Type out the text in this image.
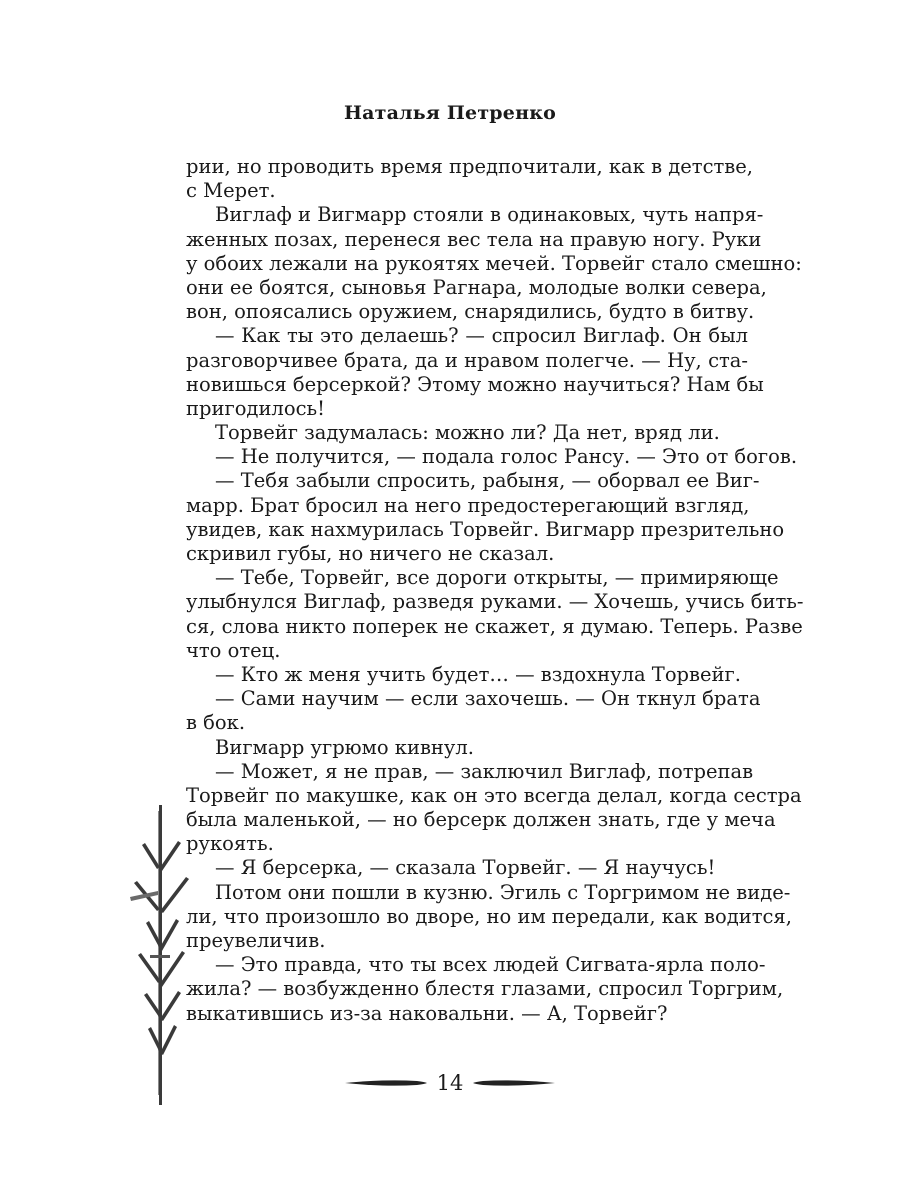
Наталья Петренко
рии, но проводить время предпочитали, как в детстве,
с Мерет.
Виглаф и Вигмарр стояли в одинаковых, чуть напря-
женных позах, перенеся вес тела на правую ногу. Руки
у обоих лежали на рукоятях мечей. Торвейг стало смешно:
они ее боятся, сыновья Рагнара, молодые волки севера,
вон, опоясались оружием, снарядились, будто в битву.
— Как ты это делаешь? — спросил Виглаф. Он был
разговорчивее брата, да и нравом полегче. — Ну, ста-
новишься берсеркой? Этому можно научиться? Нам бы
пригодилось!
Торвейг задумалась: можно ли? Да нет, вряд ли.
— Не получится, — подала голос Рансу. — Это от богов.
— Тебя забыли спросить, рабыня, — оборвал ее Виг-
марр. Брат бросил на него предостерегающий взгляд,
увидев, как нахмурилась Торвейг. Вигмарр презрительно
скривил губы, но ничего не сказал.
— Тебе, Торвейг, все дороги открыты, — примиряюще
улыбнулся Виглаф, разведя руками. — Хочешь, учись бить-
ся, слова никто поперек не скажет, я думаю. Теперь. Разве
что отец.
— Кто ж меня учить будет… — вздохнула Торвейг.
— Сами научим — если захочешь. — Он ткнул брата
в бок.
Вигмарр угрюмо кивнул.
— Может, я не прав, — заключил Виглаф, потрепав
Торвейг по макушке, как он это всегда делал, когда сестра
была маленькой, — но берсерк должен знать, где у меча
рукоять.
— Я берсерка, — сказала Торвейг. — Я научусь!
Потом они пошли в кузню. Эгиль с Торгримом не виде-
ли, что произошло во дворе, но им передали, как водится,
преувеличив.
— Это правда, что ты всех людей Сигвата-ярла поло-
жила? — возбужденно блестя глазами, спросил Торгрим,
выкатившись из-за наковальни. — А, Торвейг?
14
